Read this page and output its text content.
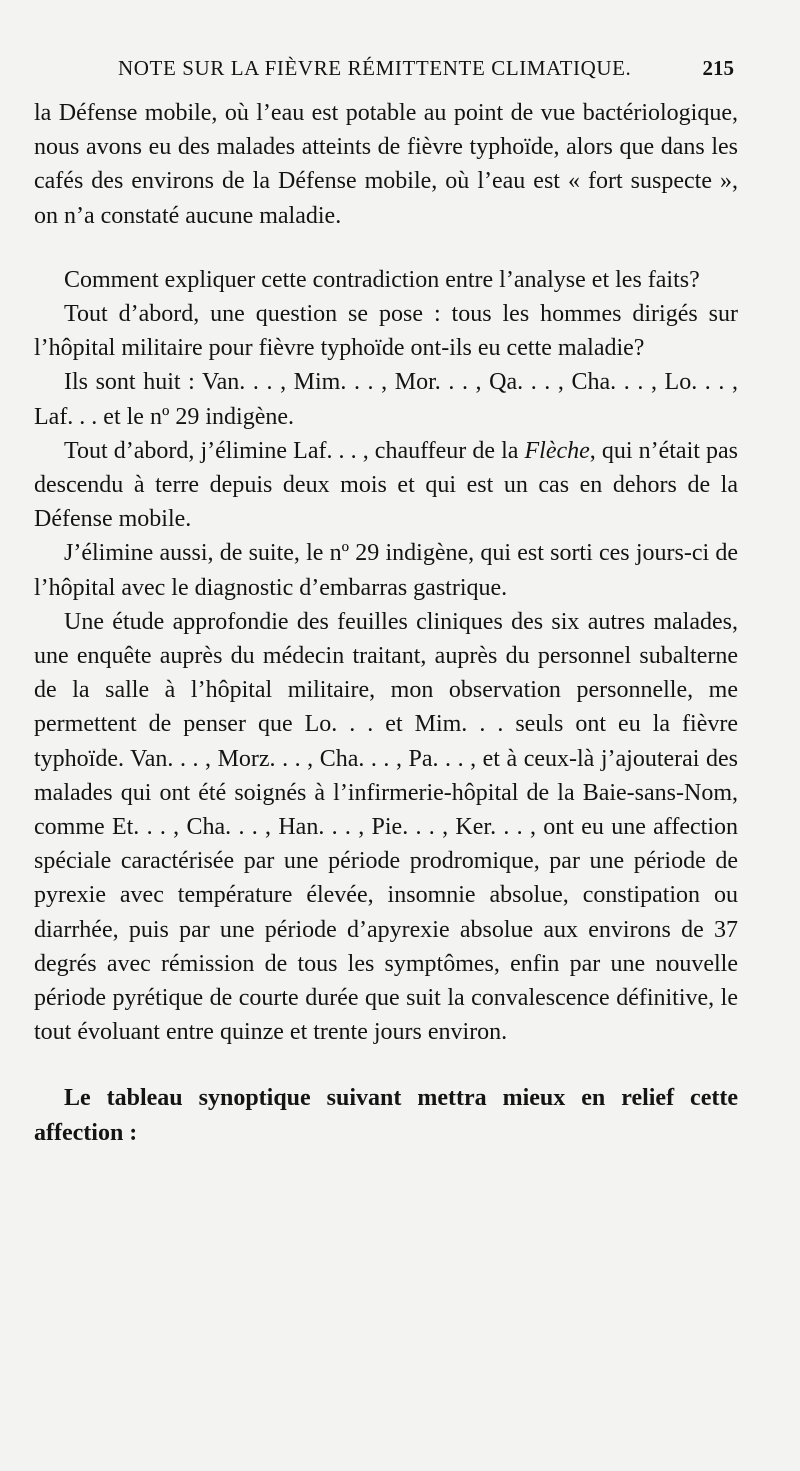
NOTE SUR LA FIÈVRE RÉMITTENTE CLIMATIQUE.	215

la Défense mobile, où l’eau est potable au point de vue bactériologique, nous avons eu des malades atteints de fièvre typhoïde, alors que dans les cafés des environs de la Défense mobile, où l’eau est « fort suspecte », on n’a constaté aucune maladie.

Comment expliquer cette contradiction entre l’analyse et les faits?

Tout d’abord, une question se pose : tous les hommes dirigés sur l’hôpital militaire pour fièvre typhoïde ont-ils eu cette maladie?

Ils sont huit : Van. . . , Mim. . . , Mor. . . , Qa. . . , Cha. . . , Lo. . . , Laf. . . et le nº 29 indigène.

Tout d’abord, j’élimine Laf. . . , chauffeur de la Flèche, qui n’était pas descendu à terre depuis deux mois et qui est un cas en dehors de la Défense mobile.

J’élimine aussi, de suite, le nº 29 indigène, qui est sorti ces jours-ci de l’hôpital avec le diagnostic d’embarras gastrique.

Une étude approfondie des feuilles cliniques des six autres malades, une enquête auprès du médecin traitant, auprès du personnel subalterne de la salle à l’hôpital militaire, mon observation personnelle, me permettent de penser que Lo. . . et Mim. . . seuls ont eu la fièvre typhoïde. Van. . . , Morz. . . , Cha. . . , Pa. . . , et à ceux-là j’ajouterai des malades qui ont été soignés à l’infirmerie-hôpital de la Baie-sans-Nom, comme Et. . . , Cha. . . , Han. . . , Pie. . . , Ker. . . , ont eu une affection spéciale caractérisée par une période prodromique, par une période de pyrexie avec température élevée, insomnie absolue, constipation ou diarrhée, puis par une période d’apyrexie absolue aux environs de 37 degrés avec rémission de tous les symptômes, enfin par une nouvelle période pyrétique de courte durée que suit la convalescence définitive, le tout évoluant entre quinze et trente jours environ.

Le tableau synoptique suivant mettra mieux en relief cette affection :
